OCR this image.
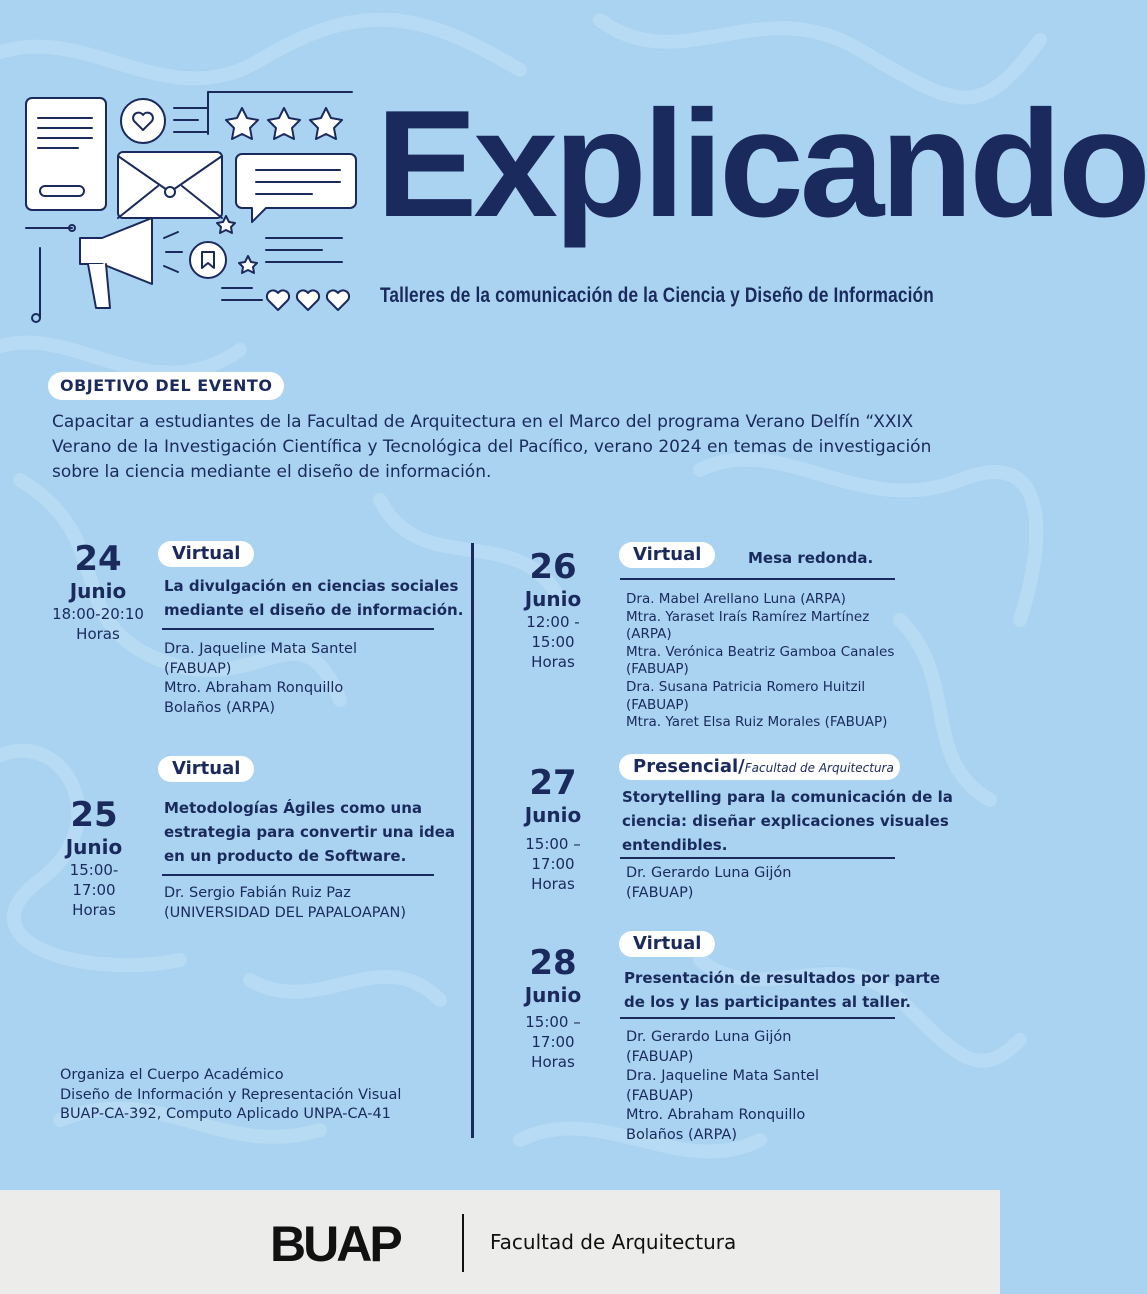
Explicando
Talleres de la comunicación de la Ciencia y Diseño de Información
OBJETIVO DEL EVENTO
Capacitar a estudiantes de la Facultad de Arquitectura en el Marco del programa Verano Delfín “XXIX Verano de la Investigación Científica y Tecnológica del Pacífico, verano 2024 en temas de investigación sobre la ciencia mediante el diseño de información.
24
Junio
18:00-20:10
Horas
Virtual
La divulgación en ciencias sociales
mediante el diseño de información.
Dra. Jaqueline Mata Santel
(FABUAP)
Mtro. Abraham Ronquillo
Bolaños (ARPA)
Virtual
25
Junio
15:00- 17:00
Horas
Metodologías Ágiles como una
estrategia para convertir una idea
en un producto de Software.
Dr. Sergio Fabián Ruiz Paz
(UNIVERSIDAD DEL PAPALOAPAN)
26
Junio
12:00 - 15:00
Horas
Virtual	Mesa redonda.
Dra. Mabel Arellano Luna (ARPA)
Mtra. Yaraset Iraís Ramírez Martínez
(ARPA)
Mtra. Verónica Beatriz Gamboa Canales
(FABUAP)
Dra. Susana Patricia Romero Huitzil
(FABUAP)
Mtra. Yaret Elsa Ruiz Morales (FABUAP)
Presencial/Facultad de Arquitectura
27
Junio
15:00 – 17:00
Horas
Storytelling para la comunicación de la
ciencia: diseñar explicaciones visuales
entendibles.
Dr. Gerardo Luna Gijón
(FABUAP)
Virtual
28
Junio
15:00 – 17:00
Horas
Presentación de resultados por parte
de los y las participantes al taller.
Dr. Gerardo Luna Gijón
(FABUAP)
Dra. Jaqueline Mata Santel
(FABUAP)
Mtro. Abraham Ronquillo
Bolaños (ARPA)
Organiza el Cuerpo Académico
Diseño de Información y Representación Visual
BUAP-CA-392, Computo Aplicado UNPA-CA-41
BUAP	Facultad de Arquitectura
